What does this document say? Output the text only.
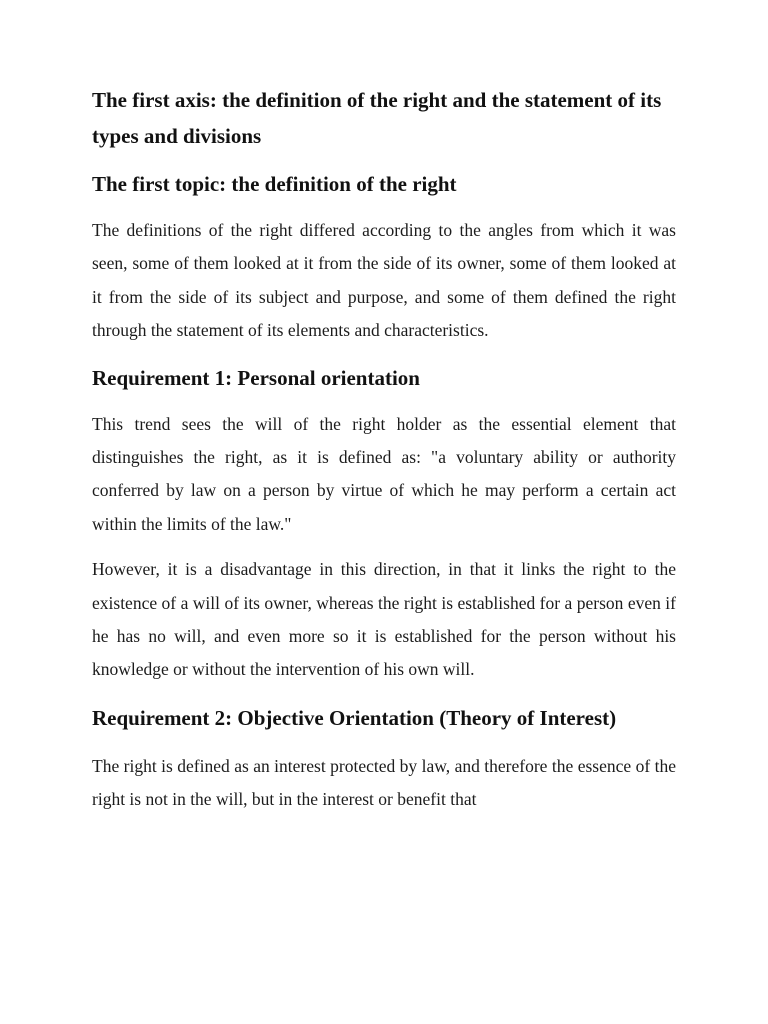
The first axis: the definition of the right and the statement of its types and divisions
The first topic: the definition of the right

The definitions of the right differed according to the angles from which it was seen, some of them looked at it from the side of its owner, some of them looked at it from the side of its subject and purpose, and some of them defined the right through the statement of its elements and characteristics.

Requirement 1: Personal orientation

This trend sees the will of the right holder as the essential element that distinguishes the right, as it is defined as: "a voluntary ability or authority conferred by law on a person by virtue of which he may perform a certain act within the limits of the law."

However, it is a disadvantage in this direction, in that it links the right to the existence of a will of its owner, whereas the right is established for a person even if he has no will, and even more so it is established for the person without his knowledge or without the intervention of his own will.

Requirement 2: Objective Orientation (Theory of Interest)

The right is defined as an interest protected by law, and therefore the essence of the right is not in the will, but in the interest or benefit that
